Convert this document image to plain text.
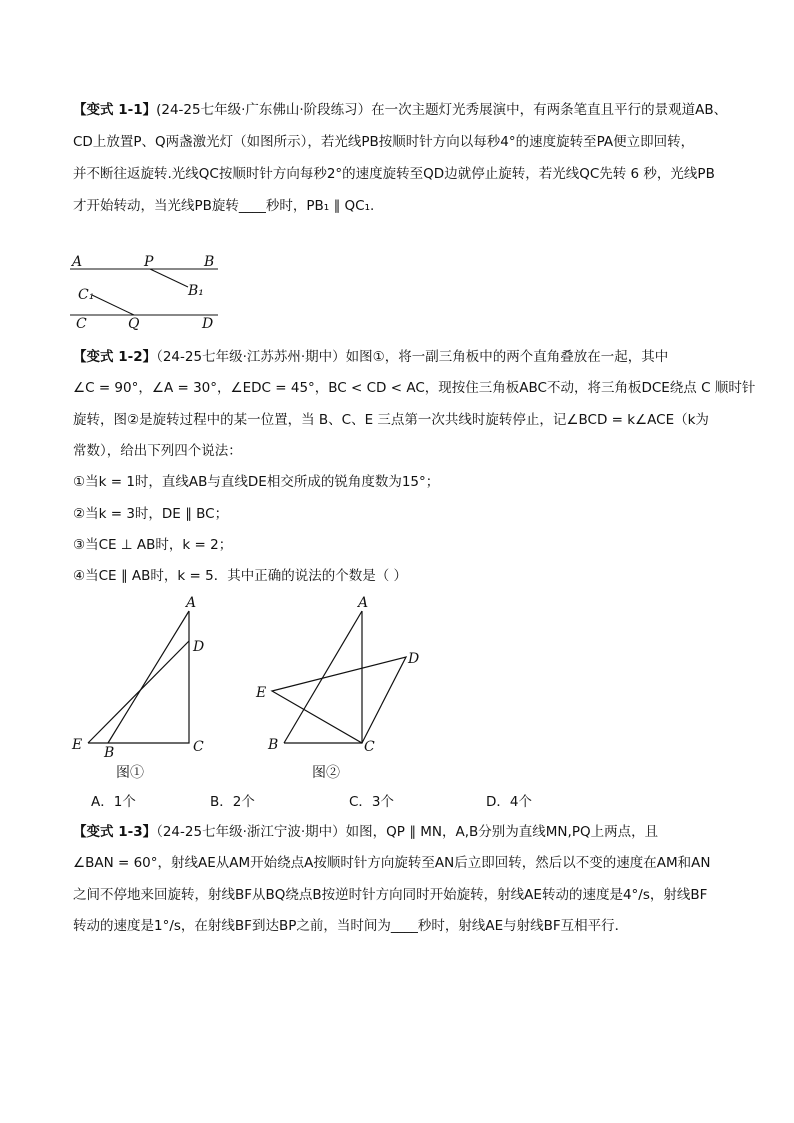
【变式 1-1】(24-25七年级·广东佛山·阶段练习）在一次主题灯光秀展演中，有两条笔直且平行的景观道AB、
CD上放置P、Q两盏激光灯（如图所示），若光线PB按顺时针方向以每秒4°的速度旋转至PA便立即回转，
并不断往返旋转.光线QC按顺时针方向每秒2°的速度旋转至QD边就停止旋转，若光线QC先转 6 秒，光线PB
才开始转动，当光线PB旋转____秒时，PB₁ ∥ QC₁.
A	P	B
C₁	B₁
C	Q	D
【变式 1-2】（24-25七年级·江苏苏州·期中）如图①，将一副三角板中的两个直角叠放在一起，其中
∠C = 90°，∠A = 30°，∠EDC = 45°，BC < CD < AC，现按住三角板ABC不动，将三角板DCE绕点 C 顺时针
旋转，图②是旋转过程中的某一位置，当 B、C、E 三点第一次共线时旋转停止，记∠BCD = k∠ACE（k为
常数），给出下列四个说法：
①当k = 1时，直线AB与直线DE相交所成的锐角度数为15°；
②当k = 3时，DE ∥ BC；
③当CE ⊥ AB时，k = 2；
④当CE ∥ AB时，k = 5．其中正确的说法的个数是（ ）
A
D
E B	C
图①
A
D
E
B	C
图②
A．1个	B．2个	C．3个	D．4个
【变式 1-3】（24-25七年级·浙江宁波·期中）如图，QP ∥ MN，A,B分别为直线MN,PQ上两点，且
∠BAN = 60°，射线AE从AM开始绕点A按顺时针方向旋转至AN后立即回转，然后以不变的速度在AM和AN
之间不停地来回旋转，射线BF从BQ绕点B按逆时针方向同时开始旋转，射线AE转动的速度是4°/s，射线BF
转动的速度是1°/s，在射线BF到达BP之前，当时间为____秒时，射线AE与射线BF互相平行．
